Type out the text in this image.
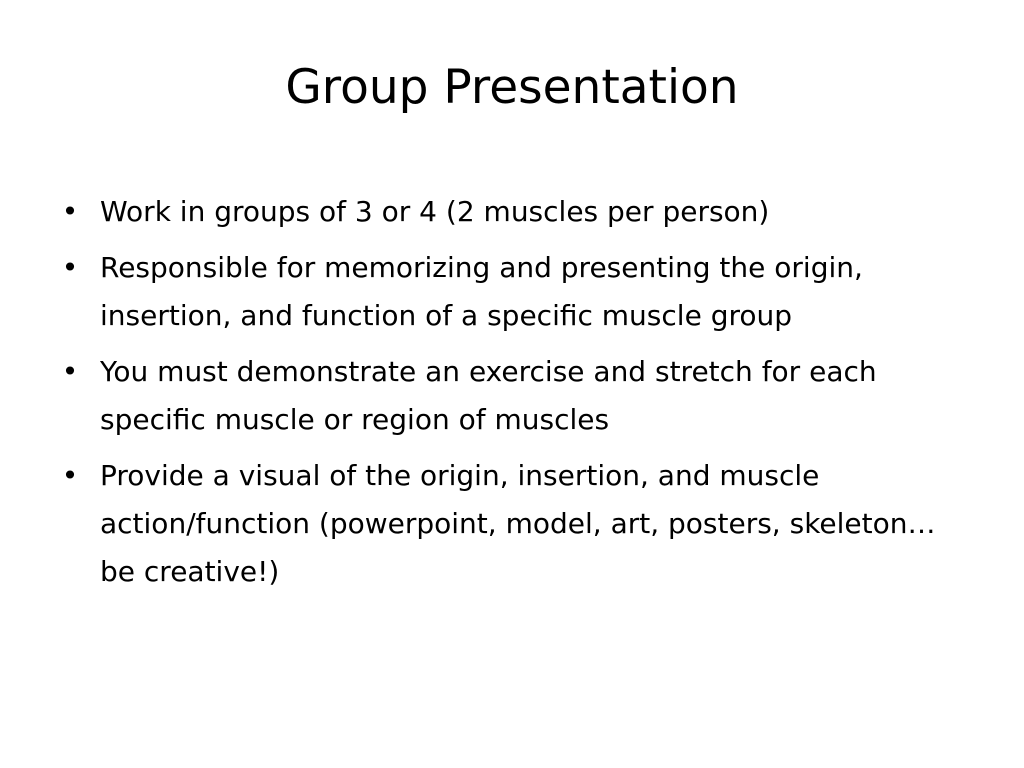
Group Presentation
• Work in groups of 3 or 4 (2 muscles per person)
• Responsible for memorizing and presenting the origin, insertion, and function of a specific muscle group
• You must demonstrate an exercise and stretch for each specific muscle or region of muscles
• Provide a visual of the origin, insertion, and muscle action/function (powerpoint, model, art, posters, skeleton…be creative!)
